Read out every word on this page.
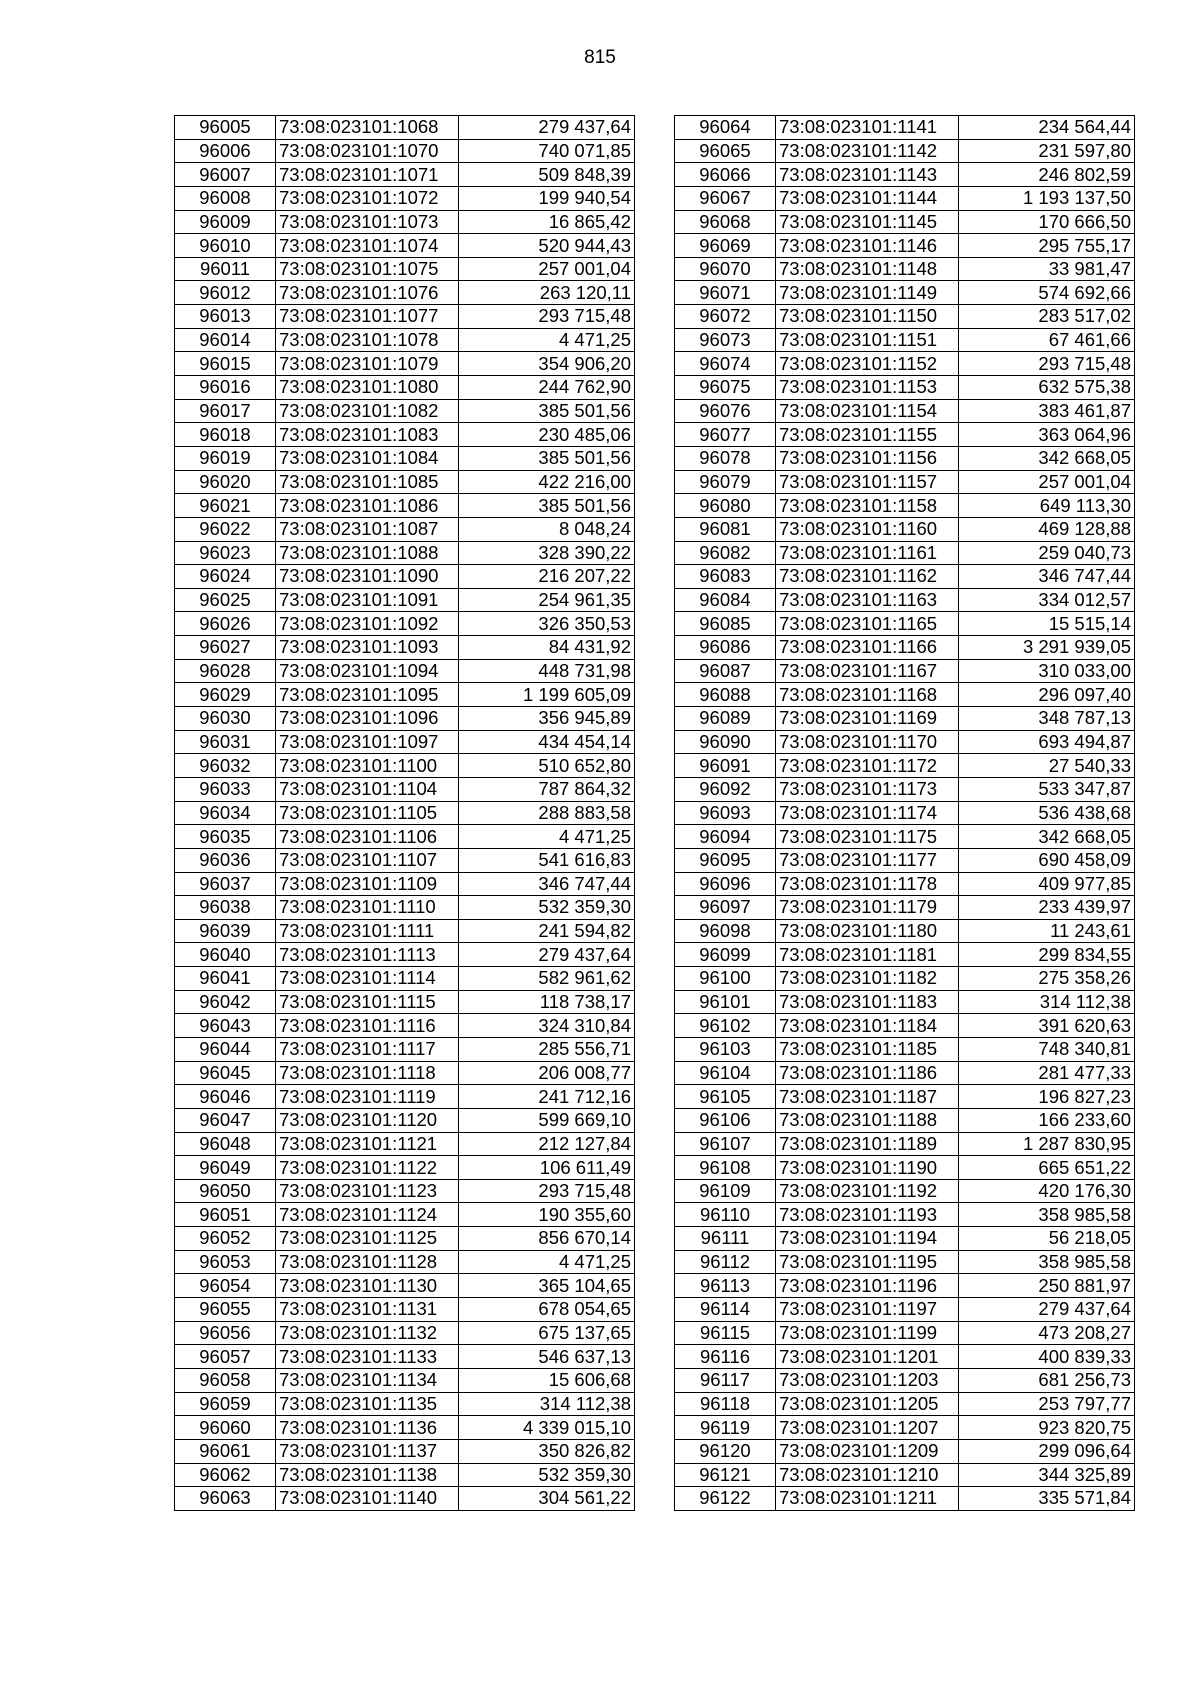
815
96005	73:08:023101:1068	279 437,64
96006	73:08:023101:1070	740 071,85
96007	73:08:023101:1071	509 848,39
96008	73:08:023101:1072	199 940,54
96009	73:08:023101:1073	16 865,42
96010	73:08:023101:1074	520 944,43
96011	73:08:023101:1075	257 001,04
96012	73:08:023101:1076	263 120,11
96013	73:08:023101:1077	293 715,48
96014	73:08:023101:1078	4 471,25
96015	73:08:023101:1079	354 906,20
96016	73:08:023101:1080	244 762,90
96017	73:08:023101:1082	385 501,56
96018	73:08:023101:1083	230 485,06
96019	73:08:023101:1084	385 501,56
96020	73:08:023101:1085	422 216,00
96021	73:08:023101:1086	385 501,56
96022	73:08:023101:1087	8 048,24
96023	73:08:023101:1088	328 390,22
96024	73:08:023101:1090	216 207,22
96025	73:08:023101:1091	254 961,35
96026	73:08:023101:1092	326 350,53
96027	73:08:023101:1093	84 431,92
96028	73:08:023101:1094	448 731,98
96029	73:08:023101:1095	1 199 605,09
96030	73:08:023101:1096	356 945,89
96031	73:08:023101:1097	434 454,14
96032	73:08:023101:1100	510 652,80
96033	73:08:023101:1104	787 864,32
96034	73:08:023101:1105	288 883,58
96035	73:08:023101:1106	4 471,25
96036	73:08:023101:1107	541 616,83
96037	73:08:023101:1109	346 747,44
96038	73:08:023101:1110	532 359,30
96039	73:08:023101:1111	241 594,82
96040	73:08:023101:1113	279 437,64
96041	73:08:023101:1114	582 961,62
96042	73:08:023101:1115	118 738,17
96043	73:08:023101:1116	324 310,84
96044	73:08:023101:1117	285 556,71
96045	73:08:023101:1118	206 008,77
96046	73:08:023101:1119	241 712,16
96047	73:08:023101:1120	599 669,10
96048	73:08:023101:1121	212 127,84
96049	73:08:023101:1122	106 611,49
96050	73:08:023101:1123	293 715,48
96051	73:08:023101:1124	190 355,60
96052	73:08:023101:1125	856 670,14
96053	73:08:023101:1128	4 471,25
96054	73:08:023101:1130	365 104,65
96055	73:08:023101:1131	678 054,65
96056	73:08:023101:1132	675 137,65
96057	73:08:023101:1133	546 637,13
96058	73:08:023101:1134	15 606,68
96059	73:08:023101:1135	314 112,38
96060	73:08:023101:1136	4 339 015,10
96061	73:08:023101:1137	350 826,82
96062	73:08:023101:1138	532 359,30
96063	73:08:023101:1140	304 561,22
96064	73:08:023101:1141	234 564,44
96065	73:08:023101:1142	231 597,80
96066	73:08:023101:1143	246 802,59
96067	73:08:023101:1144	1 193 137,50
96068	73:08:023101:1145	170 666,50
96069	73:08:023101:1146	295 755,17
96070	73:08:023101:1148	33 981,47
96071	73:08:023101:1149	574 692,66
96072	73:08:023101:1150	283 517,02
96073	73:08:023101:1151	67 461,66
96074	73:08:023101:1152	293 715,48
96075	73:08:023101:1153	632 575,38
96076	73:08:023101:1154	383 461,87
96077	73:08:023101:1155	363 064,96
96078	73:08:023101:1156	342 668,05
96079	73:08:023101:1157	257 001,04
96080	73:08:023101:1158	649 113,30
96081	73:08:023101:1160	469 128,88
96082	73:08:023101:1161	259 040,73
96083	73:08:023101:1162	346 747,44
96084	73:08:023101:1163	334 012,57
96085	73:08:023101:1165	15 515,14
96086	73:08:023101:1166	3 291 939,05
96087	73:08:023101:1167	310 033,00
96088	73:08:023101:1168	296 097,40
96089	73:08:023101:1169	348 787,13
96090	73:08:023101:1170	693 494,87
96091	73:08:023101:1172	27 540,33
96092	73:08:023101:1173	533 347,87
96093	73:08:023101:1174	536 438,68
96094	73:08:023101:1175	342 668,05
96095	73:08:023101:1177	690 458,09
96096	73:08:023101:1178	409 977,85
96097	73:08:023101:1179	233 439,97
96098	73:08:023101:1180	11 243,61
96099	73:08:023101:1181	299 834,55
96100	73:08:023101:1182	275 358,26
96101	73:08:023101:1183	314 112,38
96102	73:08:023101:1184	391 620,63
96103	73:08:023101:1185	748 340,81
96104	73:08:023101:1186	281 477,33
96105	73:08:023101:1187	196 827,23
96106	73:08:023101:1188	166 233,60
96107	73:08:023101:1189	1 287 830,95
96108	73:08:023101:1190	665 651,22
96109	73:08:023101:1192	420 176,30
96110	73:08:023101:1193	358 985,58
96111	73:08:023101:1194	56 218,05
96112	73:08:023101:1195	358 985,58
96113	73:08:023101:1196	250 881,97
96114	73:08:023101:1197	279 437,64
96115	73:08:023101:1199	473 208,27
96116	73:08:023101:1201	400 839,33
96117	73:08:023101:1203	681 256,73
96118	73:08:023101:1205	253 797,77
96119	73:08:023101:1207	923 820,75
96120	73:08:023101:1209	299 096,64
96121	73:08:023101:1210	344 325,89
96122	73:08:023101:1211	335 571,84
